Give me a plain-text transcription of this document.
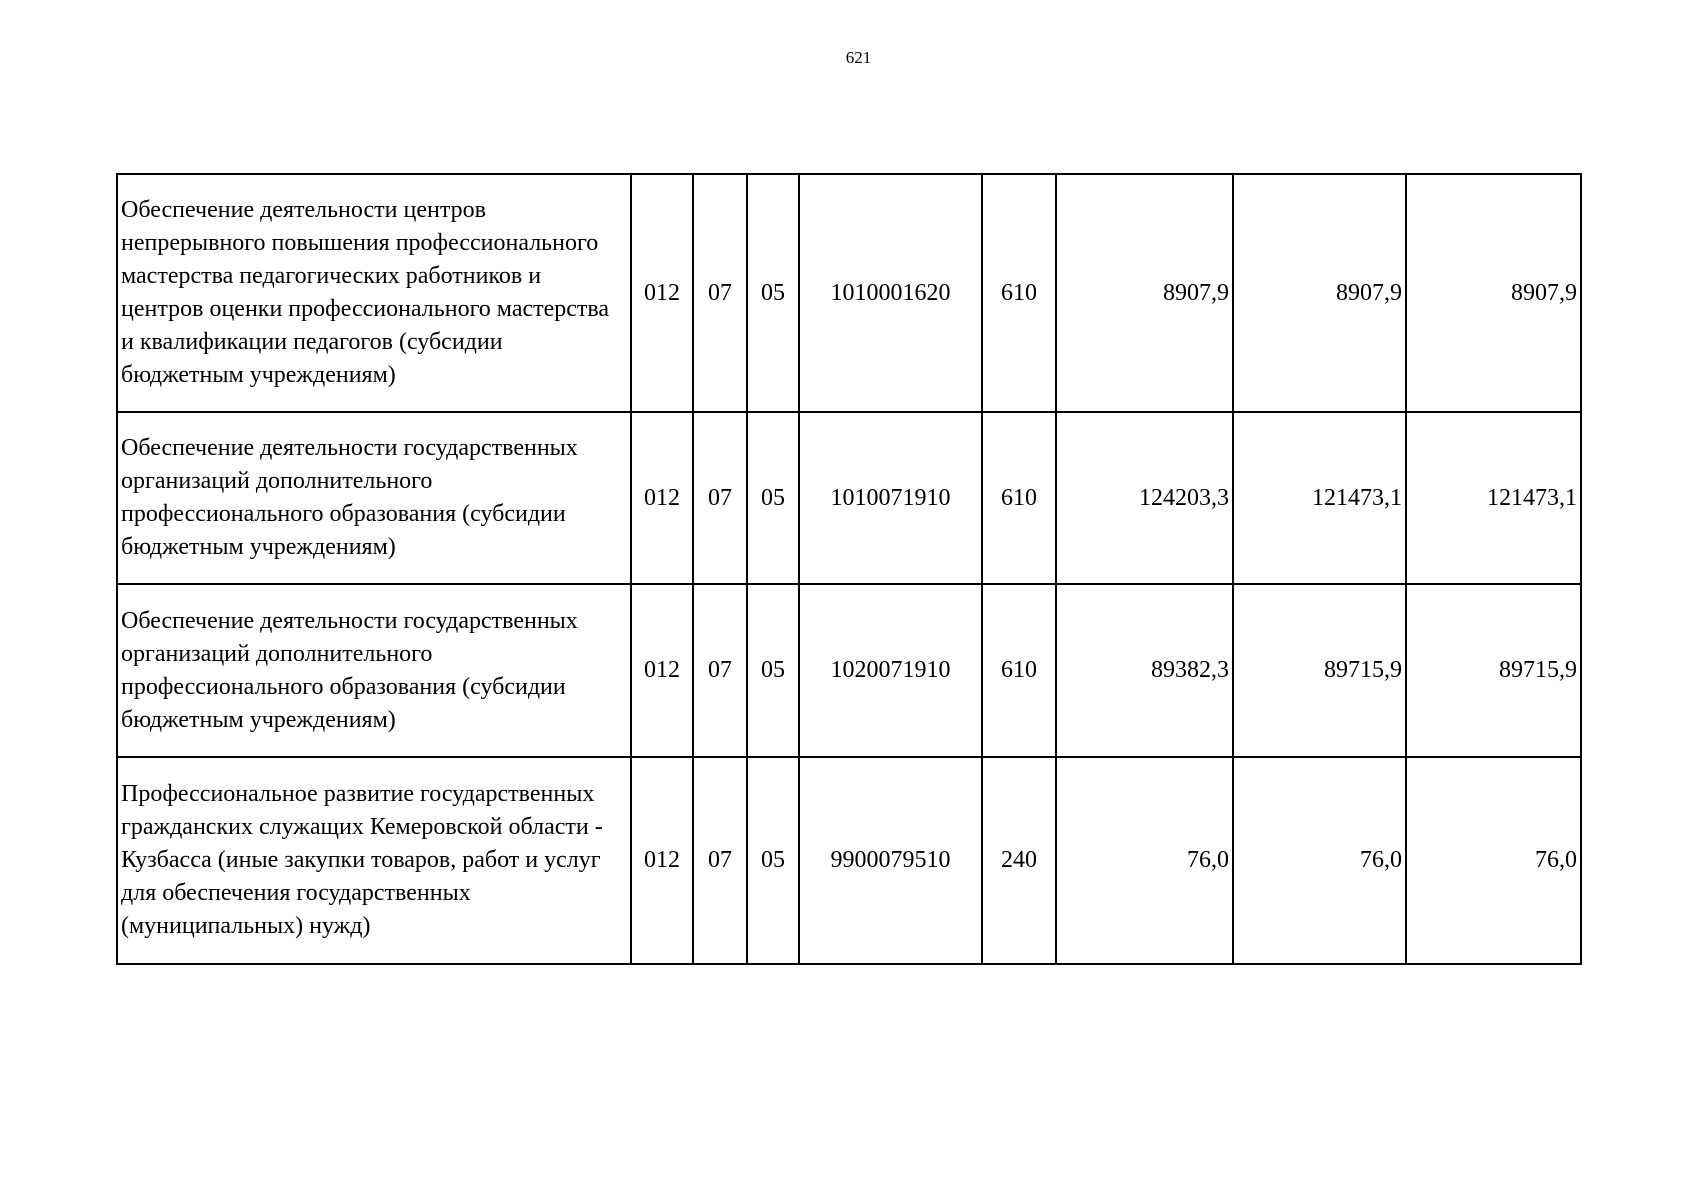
621
Обеспечение деятельности центров непрерывного повышения профессионального мастерства педагогических работников и центров оценки профессионального мастерства и квалификации педагогов (субсидии бюджетным учреждениям)	012	07	05	1010001620	610	8907,9	8907,9	8907,9
Обеспечение деятельности государственных организаций дополнительного профессионального образования (субсидии бюджетным учреждениям)	012	07	05	1010071910	610	124203,3	121473,1	121473,1
Обеспечение деятельности государственных организаций дополнительного профессионального образования (субсидии бюджетным учреждениям)	012	07	05	1020071910	610	89382,3	89715,9	89715,9
Профессиональное развитие государственных гражданских служащих Кемеровской области - Кузбасса (иные закупки товаров, работ и услуг для обеспечения государственных (муниципальных) нужд)	012	07	05	9900079510	240	76,0	76,0	76,0
